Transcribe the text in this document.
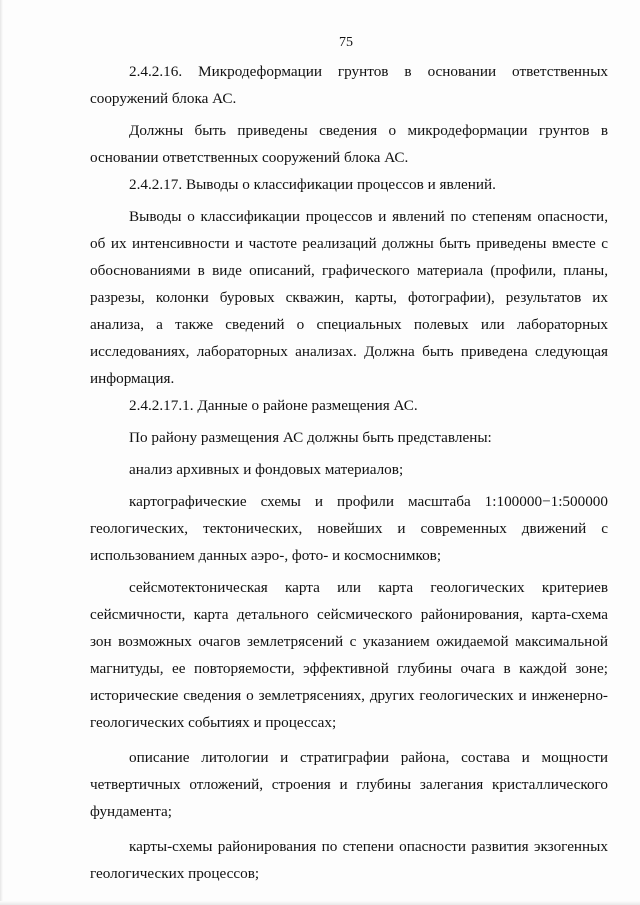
75

2.4.2.16. Микродеформации грунтов в основании ответственных сооружений блока АС.

Должны быть приведены сведения о микродеформации грунтов в основании ответственных сооружений блока АС.

2.4.2.17. Выводы о классификации процессов и явлений.

Выводы о классификации процессов и явлений по степеням опасности, об их интенсивности и частоте реализаций должны быть приведены вместе с обоснованиями в виде описаний, графического материала (профили, планы, разрезы, колонки буровых скважин, карты, фотографии), результатов их анализа, а также сведений о специальных полевых или лабораторных исследованиях, лабораторных анализах. Должна быть приведена следующая информация.

2.4.2.17.1. Данные о районе размещения АС.

По району размещения АС должны быть представлены:

анализ архивных и фондовых материалов;

картографические схемы и профили масштаба 1:100000−1:500000 геологических, тектонических, новейших и современных движений с использованием данных аэро-, фото- и космоснимков;

сейсмотектоническая карта или карта геологических критериев сейсмичности, карта детального сейсмического районирования, карта-схема зон возможных очагов землетрясений с указанием ожидаемой максимальной магнитуды, ее повторяемости, эффективной глубины очага в каждой зоне; исторические сведения о землетрясениях, других геологических и инженерно-геологических событиях и процессах;

описание литологии и стратиграфии района, состава и мощности четвертичных отложений, строения и глубины залегания кристаллического фундамента;

карты-схемы районирования по степени опасности развития экзогенных геологических процессов;
